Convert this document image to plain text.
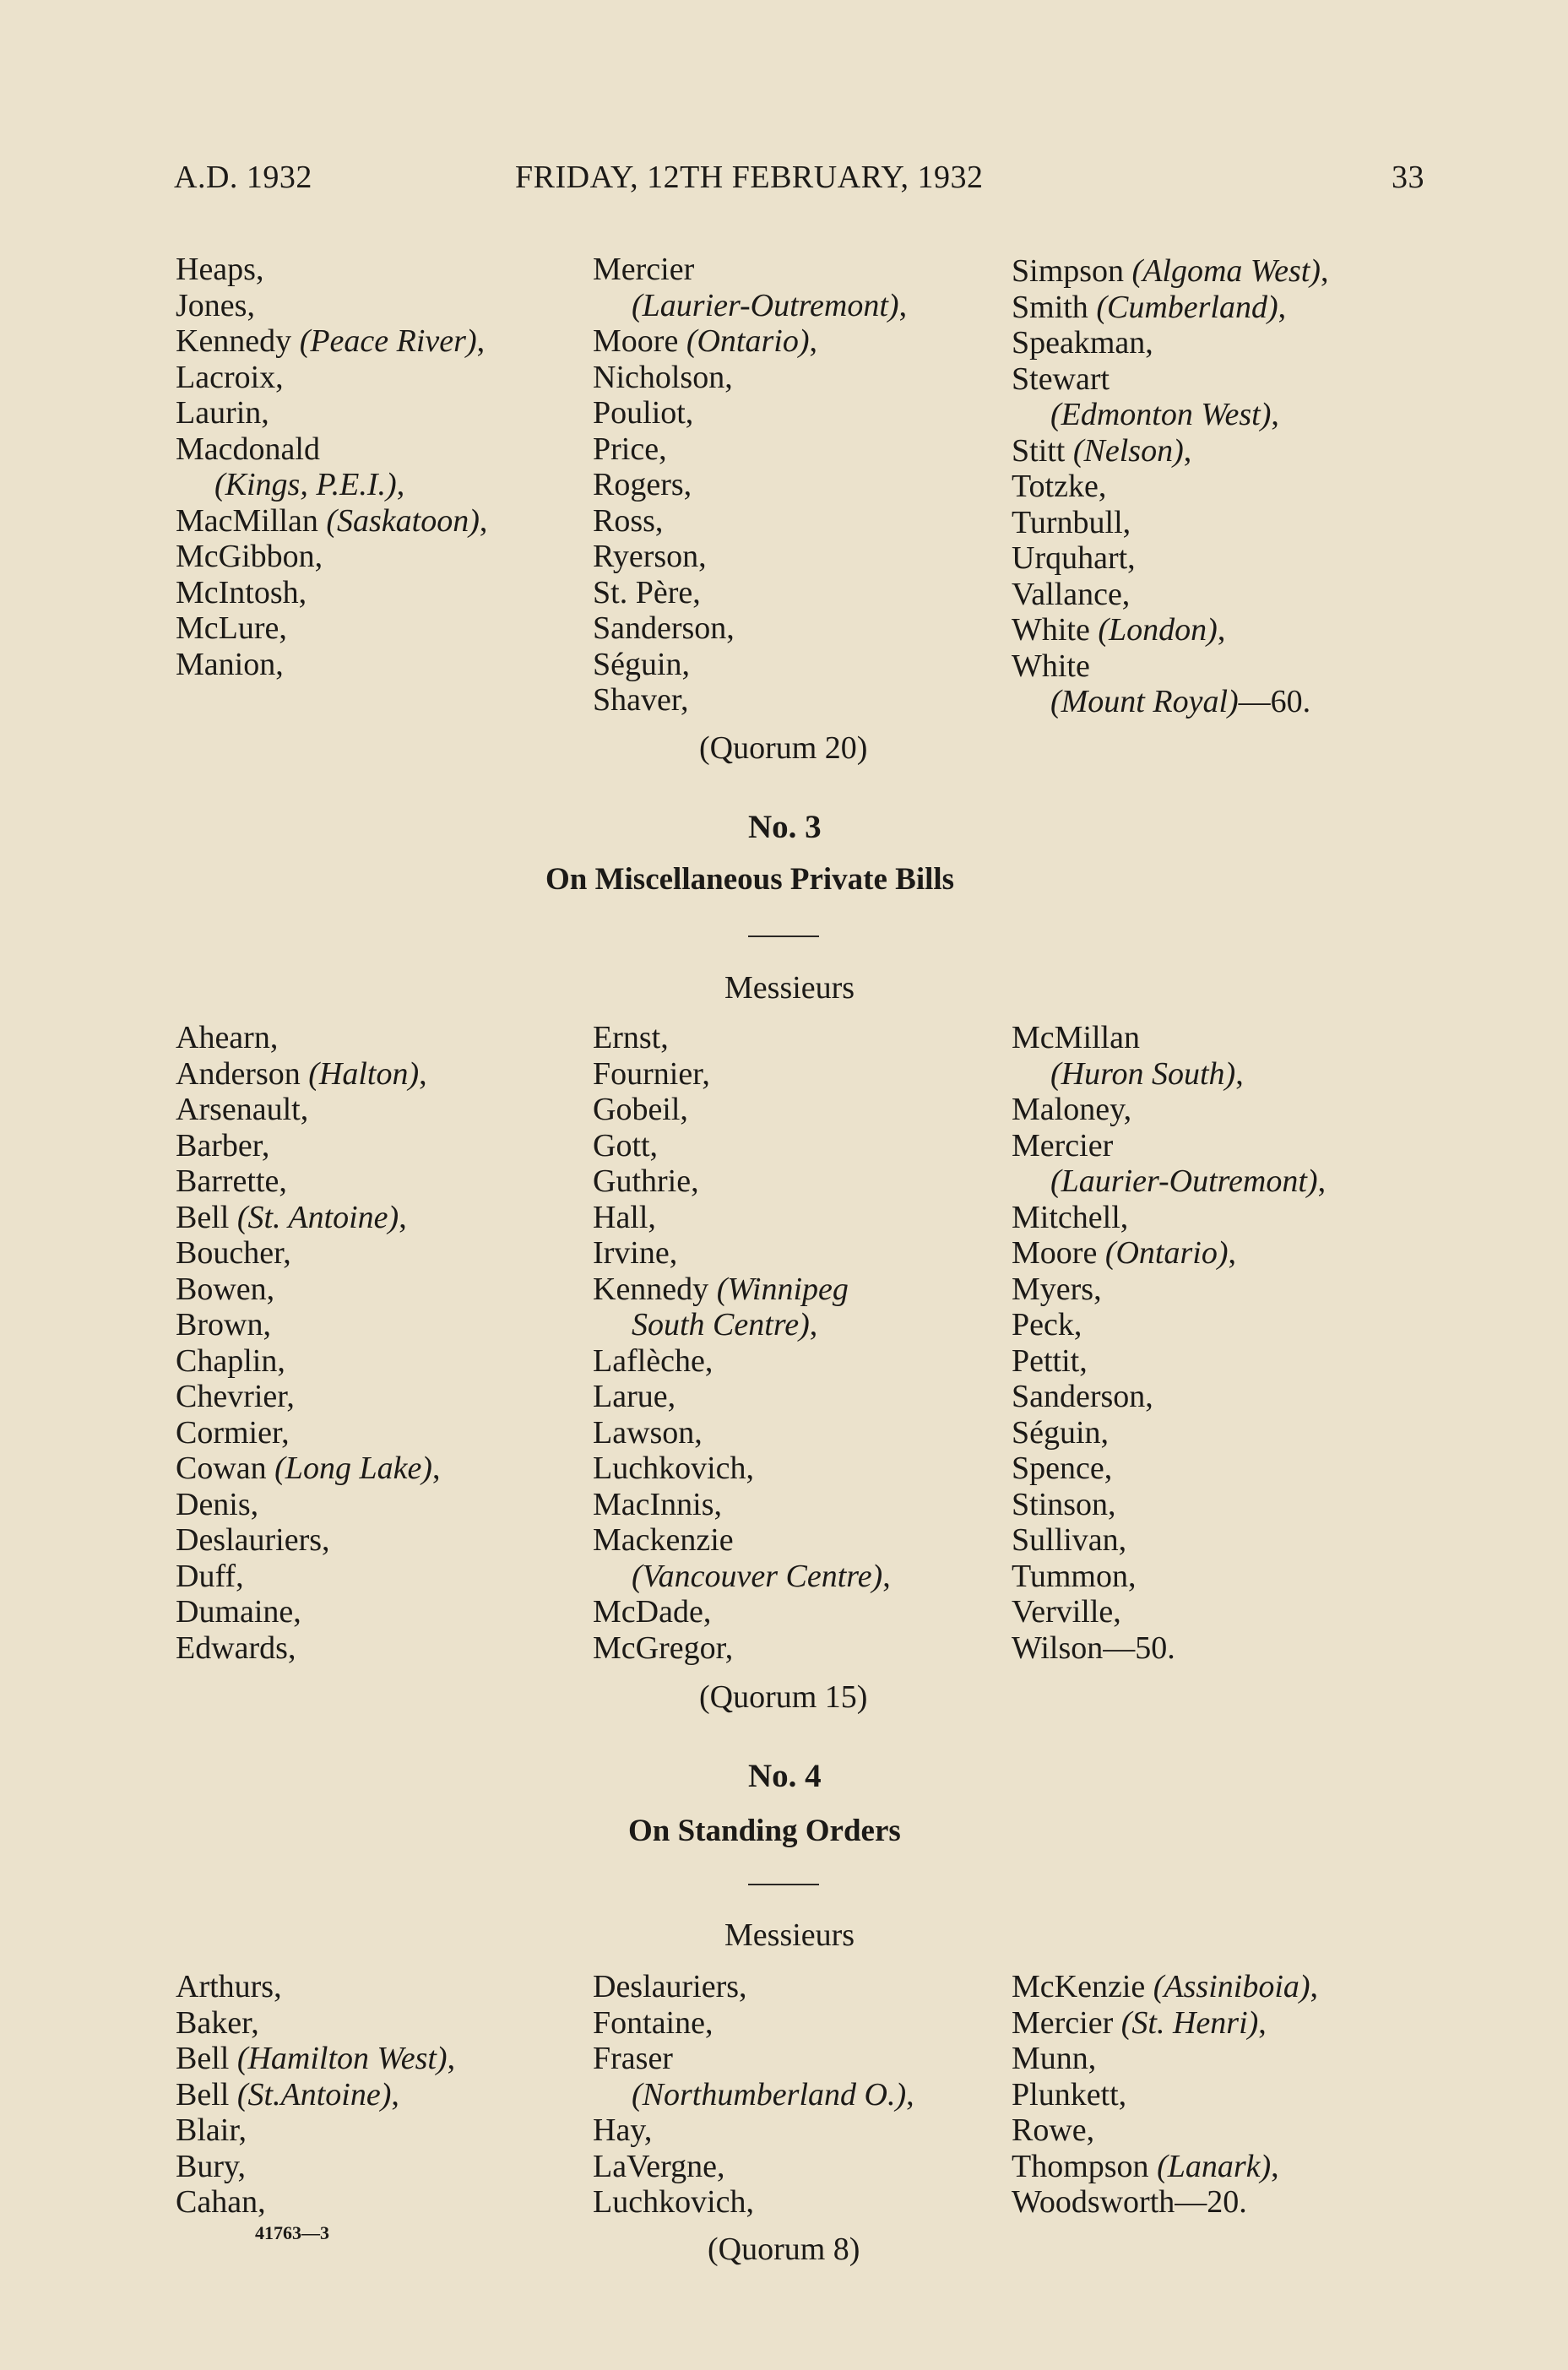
A.D. 1932	FRIDAY, 12TH FEBRUARY, 1932	33
Heaps,
Jones,
Kennedy (Peace River),
Lacroix,
Laurin,
Macdonald
(Kings, P.E.I.),
MacMillan (Saskatoon),
McGibbon,
McIntosh,
McLure,
Manion,
Mercier
(Laurier-Outremont),
Moore (Ontario),
Nicholson,
Pouliot,
Price,
Rogers,
Ross,
Ryerson,
St. Père,
Sanderson,
Séguin,
Shaver,
Simpson (Algoma West),
Smith (Cumberland),
Speakman,
Stewart
(Edmonton West),
Stitt (Nelson),
Totzke,
Turnbull,
Urquhart,
Vallance,
White (London),
White
(Mount Royal)—60.
(Quorum 20)
No. 3
On Miscellaneous Private Bills
Messieurs
Ahearn,
Anderson (Halton),
Arsenault,
Barber,
Barrette,
Bell (St. Antoine),
Boucher,
Bowen,
Brown,
Chaplin,
Chevrier,
Cormier,
Cowan (Long Lake),
Denis,
Deslauriers,
Duff,
Dumaine,
Edwards,
Ernst,
Fournier,
Gobeil,
Gott,
Guthrie,
Hall,
Irvine,
Kennedy (Winnipeg
South Centre),
Laflèche,
Larue,
Lawson,
Luchkovich,
MacInnis,
Mackenzie
(Vancouver Centre),
McDade,
McGregor,
McMillan
(Huron South),
Maloney,
Mercier
(Laurier-Outremont),
Mitchell,
Moore (Ontario),
Myers,
Peck,
Pettit,
Sanderson,
Séguin,
Spence,
Stinson,
Sullivan,
Tummon,
Verville,
Wilson—50.
(Quorum 15)
No. 4
On Standing Orders
Messieurs
Arthurs,
Baker,
Bell (Hamilton West),
Bell (St.Antoine),
Blair,
Bury,
Cahan,
Deslauriers,
Fontaine,
Fraser
(Northumberland O.),
Hay,
LaVergne,
Luchkovich,
McKenzie (Assiniboia),
Mercier (St. Henri),
Munn,
Plunkett,
Rowe,
Thompson (Lanark),
Woodsworth—20.
(Quorum 8)
41763—3
